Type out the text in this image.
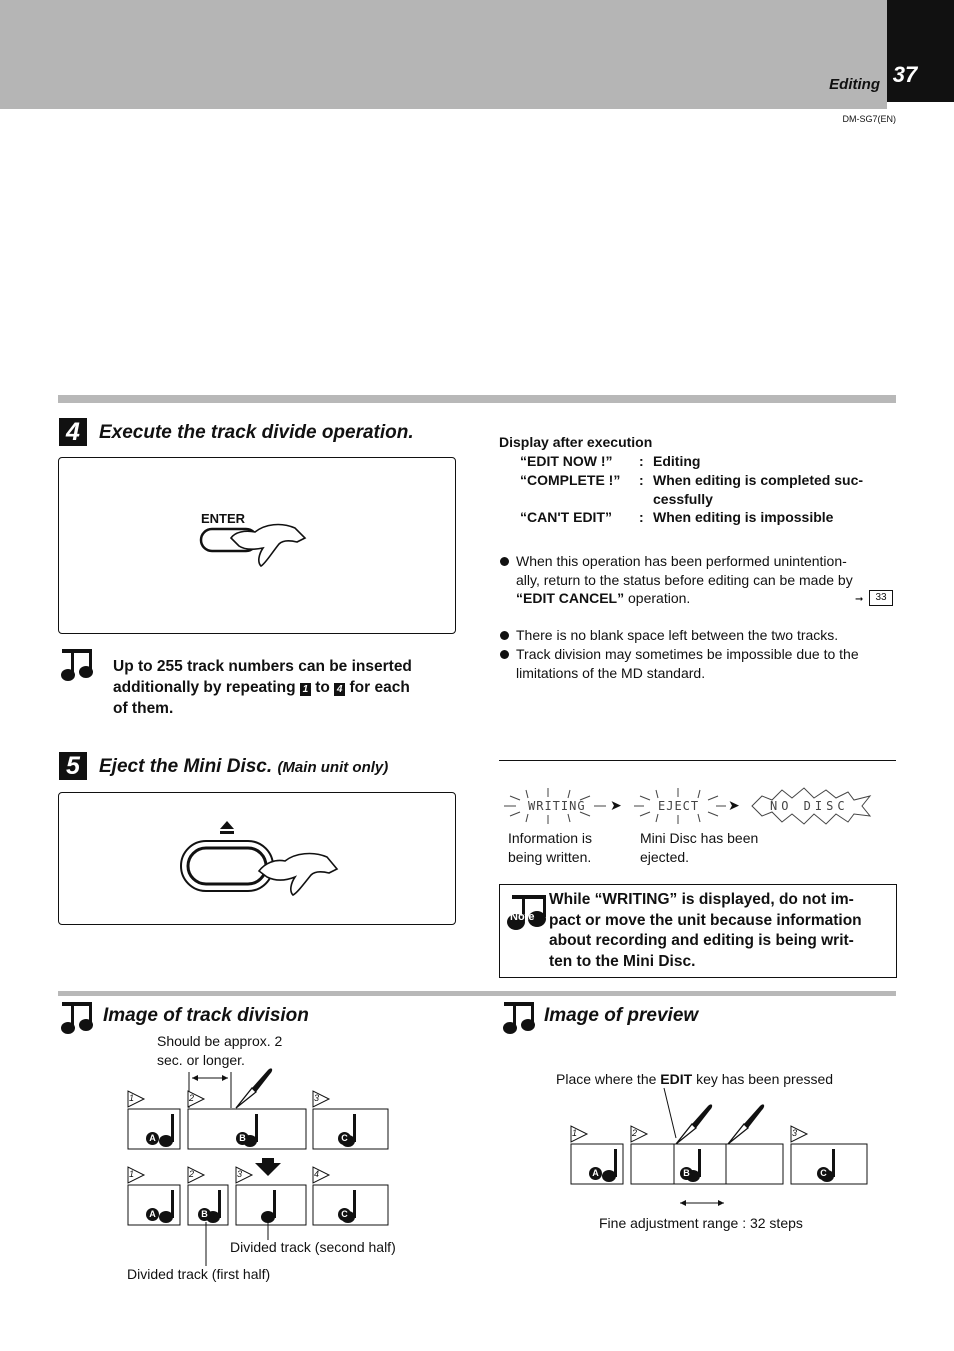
37
Editing
DM-SG7(EN)
4	Execute the track divide operation.
ENTER
Up to 255 track numbers can be inserted
additionally by repeating 1 to 4 for each
of them.
Display after execution
“EDIT NOW !” : Editing
“COMPLETE !” : When editing is completed suc-
cessfully
“CAN'T EDIT” : When editing is impossible
When this operation has been performed unintention-
ally, return to the status before editing can be made by
“EDIT CANCEL” operation.	➞	33
There is no blank space left between the two tracks.
Track division may sometimes be impossible due to the
limitations of the MD standard.
5	Eject the Mini Disc. (Main unit only)
WRITING ➤	EJECT ➤	NO DISC
Information is
being written.
Mini Disc has been
ejected.
Note
While “WRITING” is displayed, do not im-
pact or move the unit because information
about recording and editing is being writ-
ten to the Mini Disc.
Image of track division
Should be approx. 2
sec. or longer.
1	2	3
A	B	C
1	2	3	4
A	B	C
Divided track (second half)
Divided track (first half)
Image of preview
Place where the EDIT key has been pressed
1	2	3
A	B	C
Fine adjustment range : 32 steps
